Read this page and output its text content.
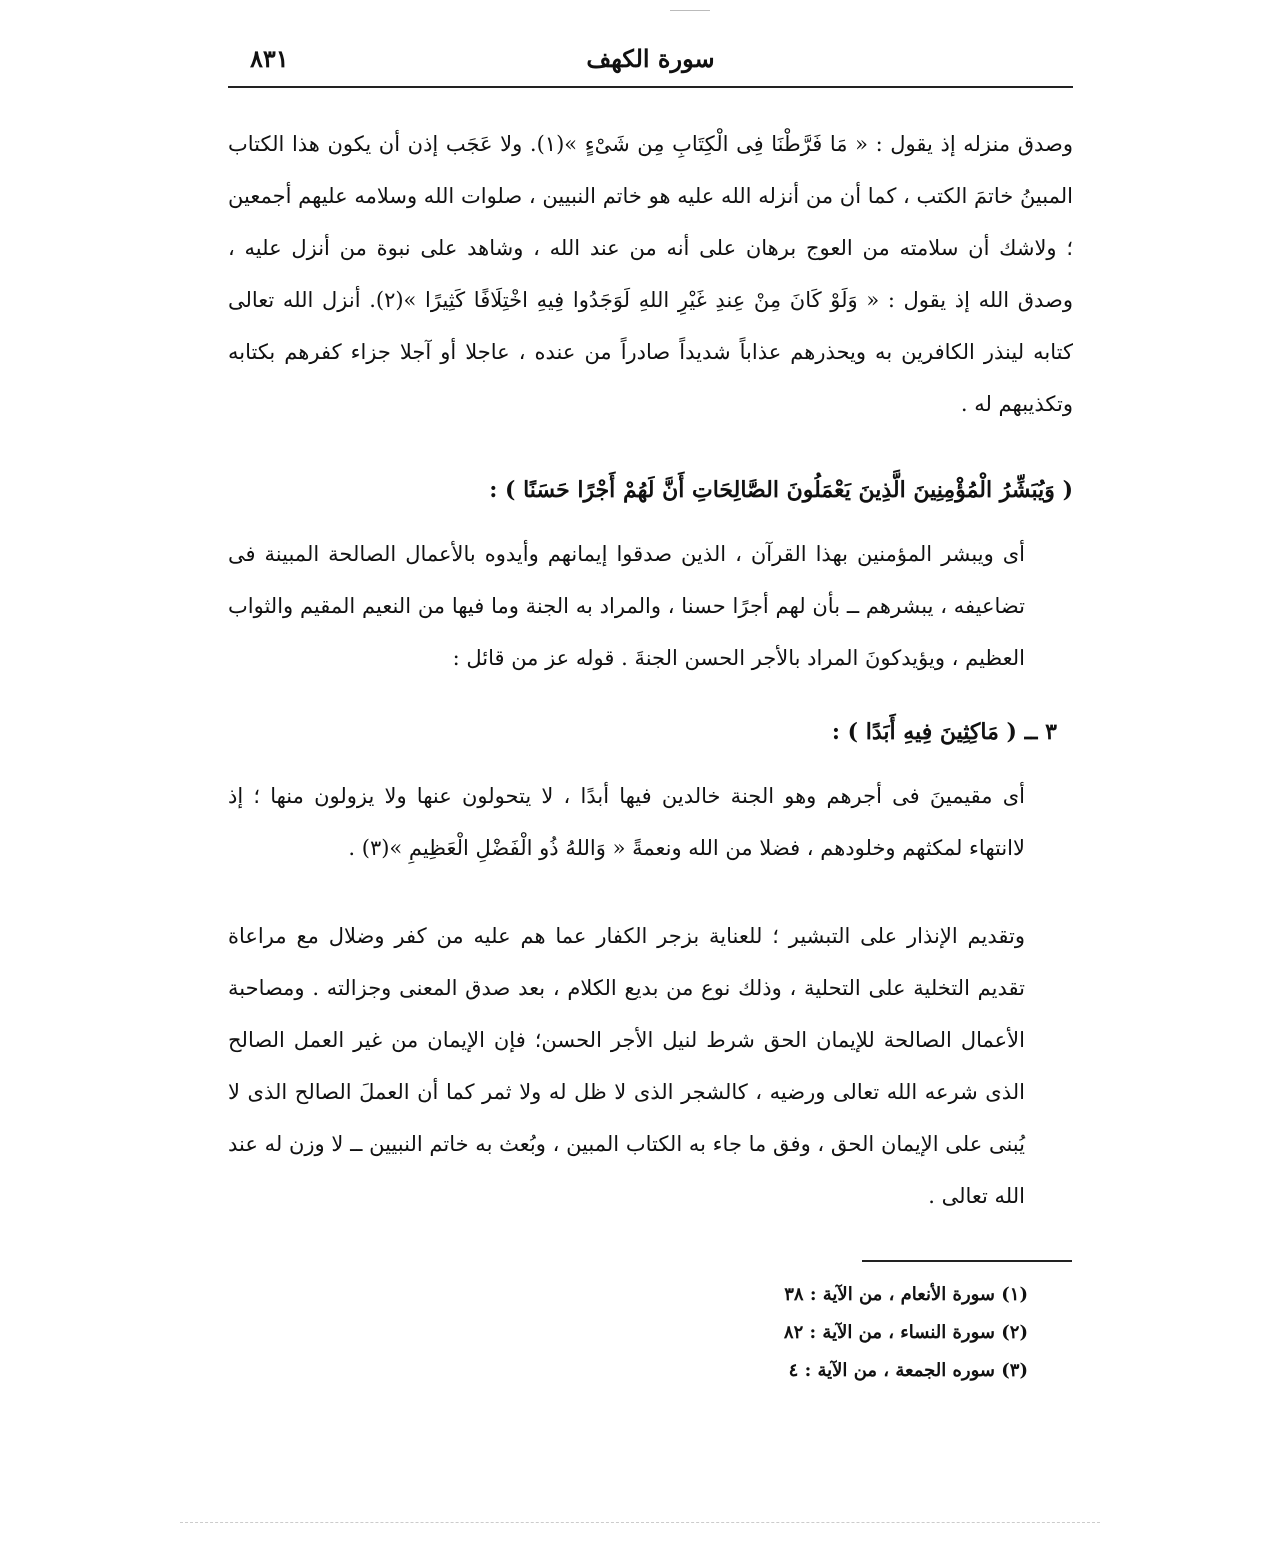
سورة الكهف
٨٣١

وصدق منزله إذ يقول : « مَا فَرَّطْنَا فِى الْكِتَابِ مِن شَىْءٍ »(١). ولا عَجَب إذن أن يكون هذا الكتاب المبينُ خاتمَ الكتب ، كما أن من أنزله الله عليه هو خاتم النبيين ، صلوات الله وسلامه عليهم أجمعين ؛ ولاشك أن سلامته من العوج برهان على أنه من عند الله ، وشاهد على نبوة من أنزل عليه ، وصدق الله إذ يقول : « وَلَوْ كَانَ مِنْ عِندِ غَيْرِ اللهِ لَوَجَدُوا فِيهِ اخْتِلَافًا كَثِيرًا »(٢). أنزل الله تعالى كتابه لينذر الكافرين به ويحذرهم عذاباً شديداً صادراً من عنده ، عاجلا أو آجلا جزاء كفرهم بكتابه وتكذيبهم له .

( وَيُبَشِّرُ الْمُؤْمِنِينَ الَّذِينَ يَعْمَلُونَ الصَّالِحَاتِ أَنَّ لَهُمْ أَجْرًا حَسَنًا ) :

أى ويبشر المؤمنين بهذا القرآن ، الذين صدقوا إيمانهم وأيدوه بالأعمال الصالحة المبينة فى تضاعيفه ، يبشرهم ــ بأن لهم أجرًا حسنا ، والمراد به الجنة وما فيها من النعيم المقيم والثواب العظيم ، ويؤيدكونَ المراد بالأجر الحسن الجنةَ . قوله عز من قائل :

٣ ــ ( مَاكِثِينَ فِيهِ أَبَدًا ) :

أى مقيمينَ فى أجرهم وهو الجنة خالدين فيها أبدًا ، لا يتحولون عنها ولا يزولون منها ؛ إذ لاانتهاء لمكثهم وخلودهم ، فضلا من الله ونعمةً « وَاللهُ ذُو الْفَضْلِ الْعَظِيمِ »(٣) .

وتقديم الإنذار على التبشير ؛ للعناية بزجر الكفار عما هم عليه من كفر وضلال مع مراعاة تقديم التخلية على التحلية ، وذلك نوع من بديع الكلام ، بعد صدق المعنى وجزالته . ومصاحبة الأعمال الصالحة للإيمان الحق شرط لنيل الأجر الحسن؛ فإن الإيمان من غير العمل الصالح الذى شرعه الله تعالى ورضيه ، كالشجر الذى لا ظل له ولا ثمر كما أن العملَ الصالح الذى لا يُبنى على الإيمان الحق ، وفق ما جاء به الكتاب المبين ، وبُعث به خاتم النبيين ــ لا وزن له عند الله تعالى .

(١) سورة الأنعام ، من الآية : ٣٨
(٢) سورة النساء ، من الآية : ٨٢
(٣) سوره الجمعة ، من الآية : ٤
